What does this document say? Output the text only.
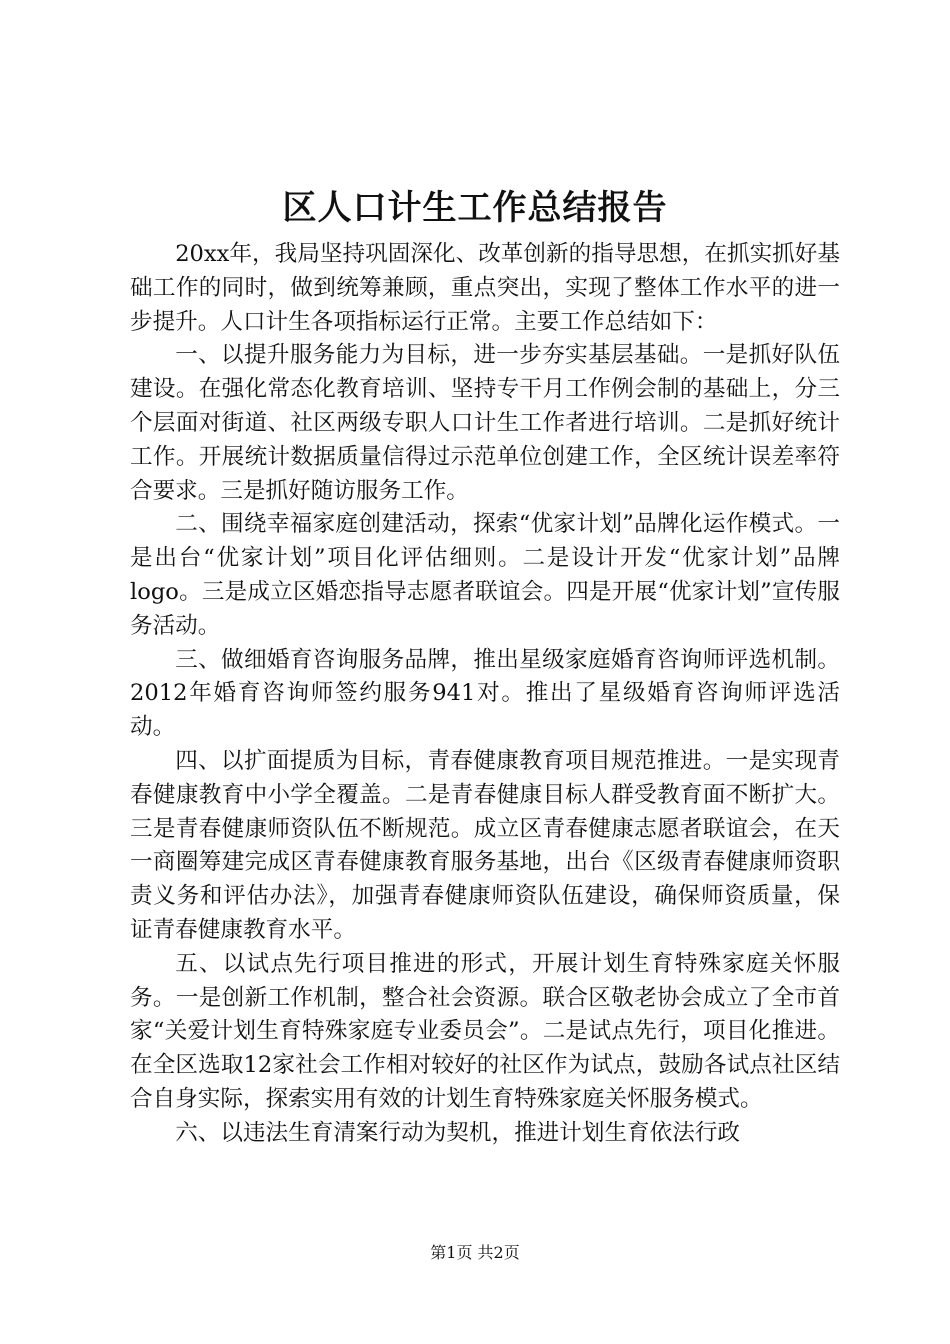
区人口计生工作总结报告

20xx年，我局坚持巩固深化、改革创新的指导思想，在抓实抓好基础工作的同时，做到统筹兼顾，重点突出，实现了整体工作水平的进一步提升。人口计生各项指标运行正常。主要工作总结如下：

一、以提升服务能力为目标，进一步夯实基层基础。一是抓好队伍建设。在强化常态化教育培训、坚持专干月工作例会制的基础上，分三个层面对街道、社区两级专职人口计生工作者进行培训。二是抓好统计工作。开展统计数据质量信得过示范单位创建工作，全区统计误差率符合要求。三是抓好随访服务工作。

二、围绕幸福家庭创建活动，探索“优家计划”品牌化运作模式。一是出台“优家计划”项目化评估细则。二是设计开发“优家计划”品牌logo。三是成立区婚恋指导志愿者联谊会。四是开展“优家计划”宣传服务活动。

三、做细婚育咨询服务品牌，推出星级家庭婚育咨询师评选机制。2012年婚育咨询师签约服务941对。推出了星级婚育咨询师评选活动。

四、以扩面提质为目标，青春健康教育项目规范推进。一是实现青春健康教育中小学全覆盖。二是青春健康目标人群受教育面不断扩大。三是青春健康师资队伍不断规范。成立区青春健康志愿者联谊会，在天一商圈筹建完成区青春健康教育服务基地，出台《区级青春健康师资职责义务和评估办法》，加强青春健康师资队伍建设，确保师资质量，保证青春健康教育水平。

五、以试点先行项目推进的形式，开展计划生育特殊家庭关怀服务。一是创新工作机制，整合社会资源。联合区敬老协会成立了全市首家“关爱计划生育特殊家庭专业委员会”。二是试点先行，项目化推进。在全区选取12家社会工作相对较好的社区作为试点，鼓励各试点社区结合自身实际，探索实用有效的计划生育特殊家庭关怀服务模式。

六、以违法生育清案行动为契机，推进计划生育依法行政

第1页 共2页
